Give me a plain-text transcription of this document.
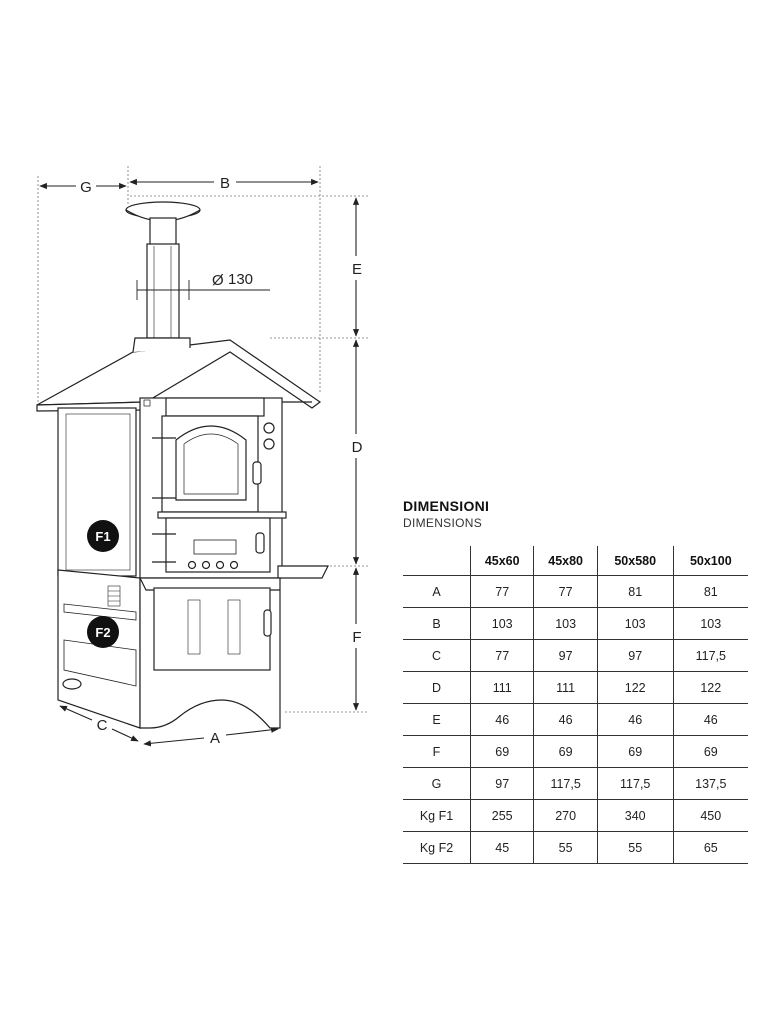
G	B
E
D
F
C
A
Ø 130
F1
F2
DIMENSIONI
DIMENSIONS
	45x60	45x80	50x580	50x100
A	77	77	81	81
B	103	103	103	103
C	77	97	97	117,5
D	111	111	122	122
E	46	46	46	46
F	69	69	69	69
G	97	117,5	117,5	137,5
Kg F1	255	270	340	450
Kg F2	45	55	55	65
